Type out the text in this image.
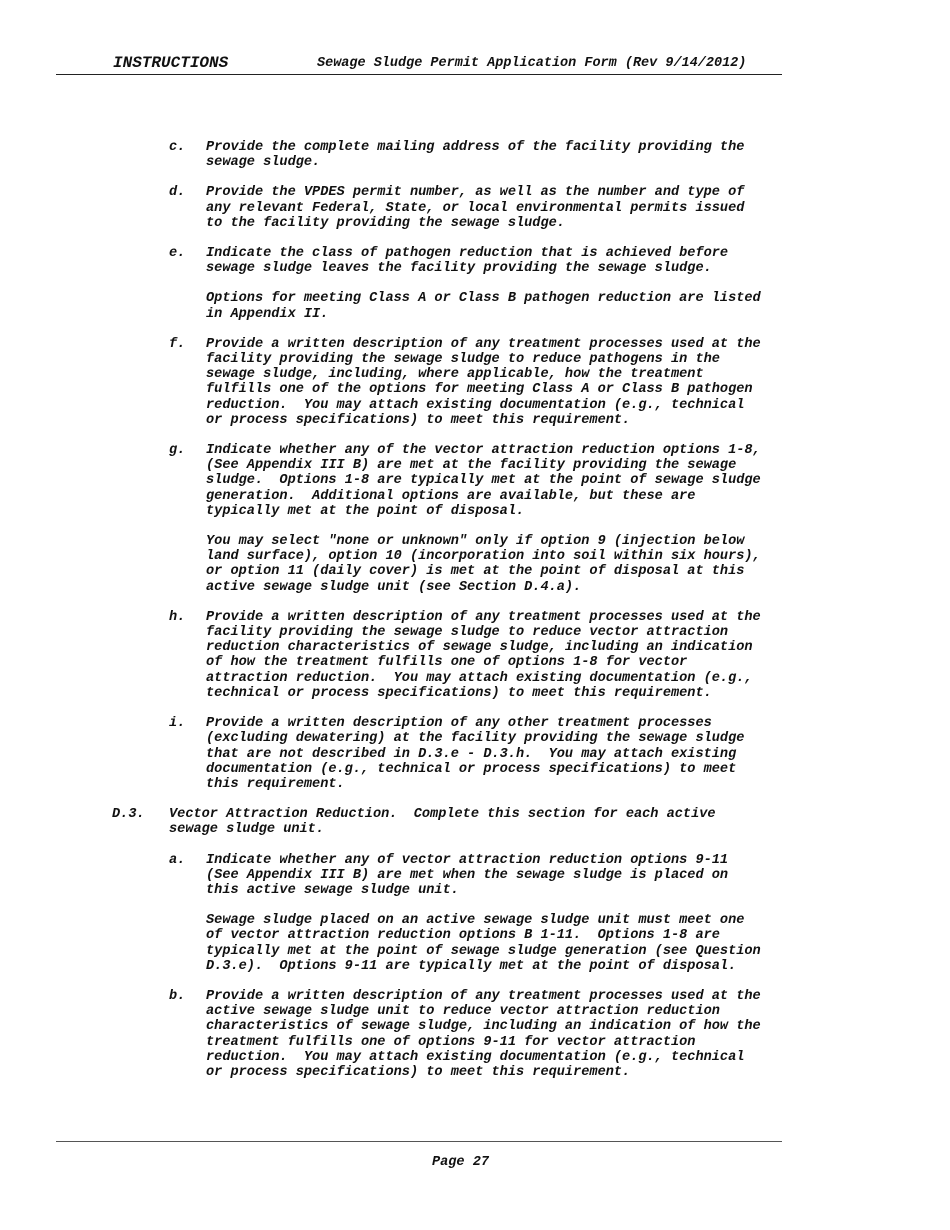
INSTRUCTIONS	Sewage Sludge Permit Application Form (Rev 9/14/2012)
c. Provide the complete mailing address of the facility providing the
sewage sludge.
d. Provide the VPDES permit number, as well as the number and type of
any relevant Federal, State, or local environmental permits issued
to the facility providing the sewage sludge.
e. Indicate the class of pathogen reduction that is achieved before
sewage sludge leaves the facility providing the sewage sludge.
Options for meeting Class A or Class B pathogen reduction are listed
in Appendix II.
f. Provide a written description of any treatment processes used at the
facility providing the sewage sludge to reduce pathogens in the
sewage sludge, including, where applicable, how the treatment
fulfills one of the options for meeting Class A or Class B pathogen
reduction.  You may attach existing documentation (e.g., technical
or process specifications) to meet this requirement.
g. Indicate whether any of the vector attraction reduction options 1-8,
(See Appendix III B) are met at the facility providing the sewage
sludge.  Options 1-8 are typically met at the point of sewage sludge
generation.  Additional options are available, but these are
typically met at the point of disposal.
You may select "none or unknown" only if option 9 (injection below
land surface), option 10 (incorporation into soil within six hours),
or option 11 (daily cover) is met at the point of disposal at this
active sewage sludge unit (see Section D.4.a).
h. Provide a written description of any treatment processes used at the
facility providing the sewage sludge to reduce vector attraction
reduction characteristics of sewage sludge, including an indication
of how the treatment fulfills one of options 1-8 for vector
attraction reduction.  You may attach existing documentation (e.g.,
technical or process specifications) to meet this requirement.
i. Provide a written description of any other treatment processes
(excluding dewatering) at the facility providing the sewage sludge
that are not described in D.3.e - D.3.h.  You may attach existing
documentation (e.g., technical or process specifications) to meet
this requirement.
D.3. Vector Attraction Reduction.  Complete this section for each active
sewage sludge unit.
a. Indicate whether any of vector attraction reduction options 9-11
(See Appendix III B) are met when the sewage sludge is placed on
this active sewage sludge unit.
Sewage sludge placed on an active sewage sludge unit must meet one
of vector attraction reduction options B 1-11.  Options 1-8 are
typically met at the point of sewage sludge generation (see Question
D.3.e).  Options 9-11 are typically met at the point of disposal.
b. Provide a written description of any treatment processes used at the
active sewage sludge unit to reduce vector attraction reduction
characteristics of sewage sludge, including an indication of how the
treatment fulfills one of options 9-11 for vector attraction
reduction.  You may attach existing documentation (e.g., technical
or process specifications) to meet this requirement.
Page 27
